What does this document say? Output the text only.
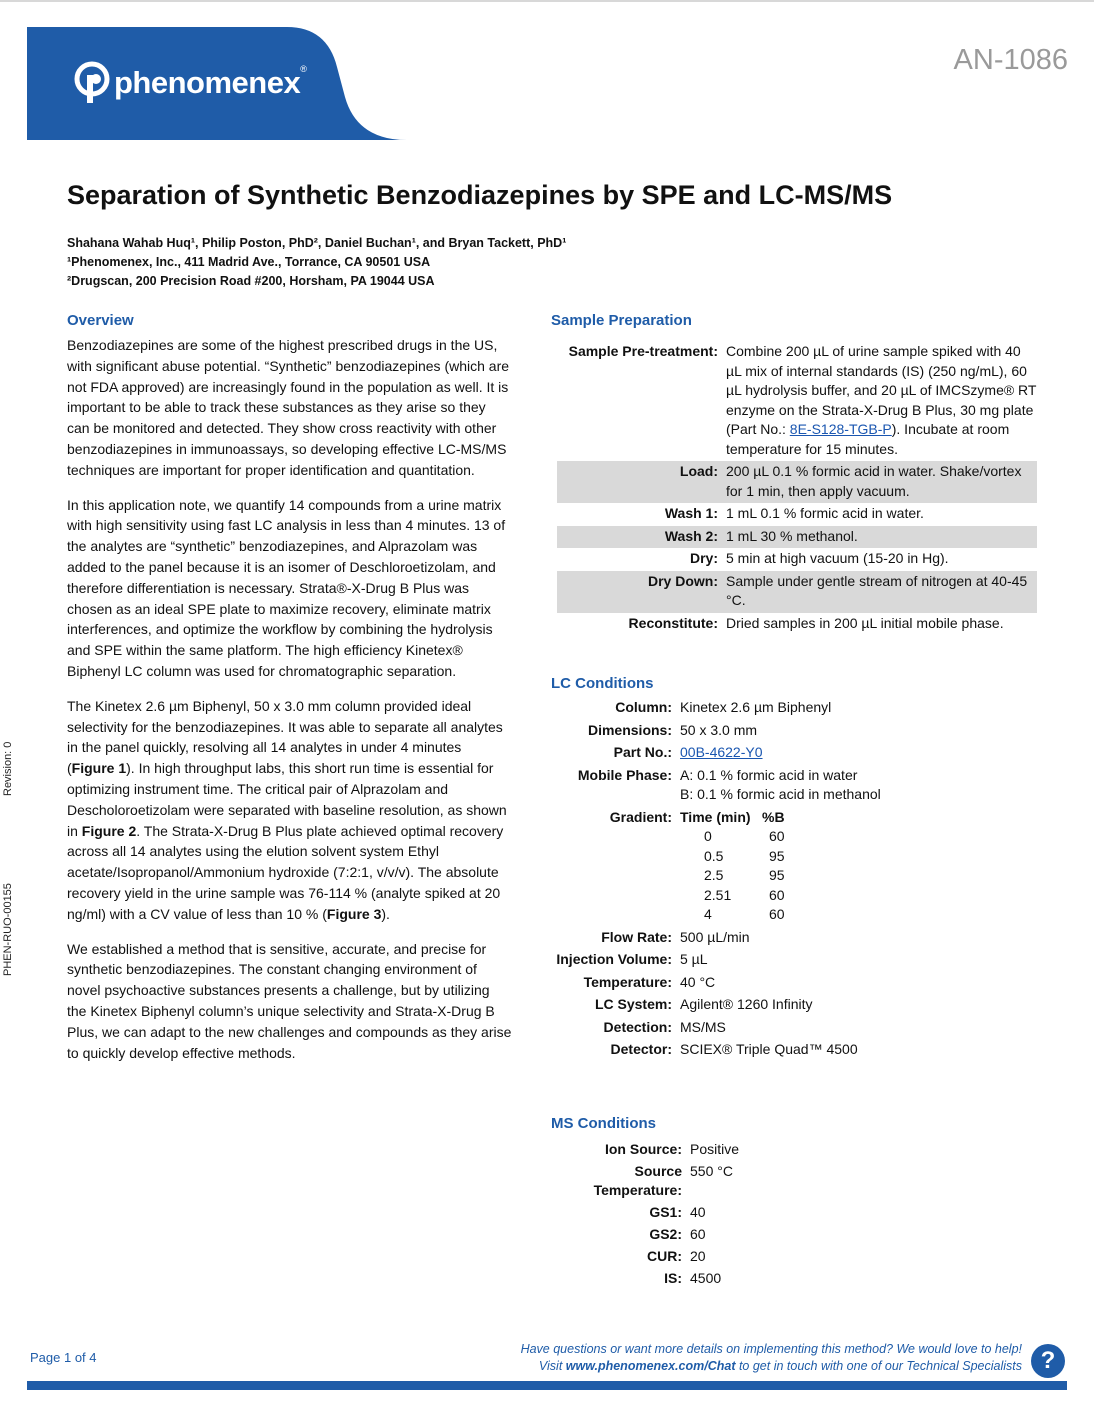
phenomenex ®	AN-1086
Separation of Synthetic Benzodiazepines by SPE and LC-MS/MS
Shahana Wahab Huq¹, Philip Poston, PhD², Daniel Buchan¹, and Bryan Tackett, PhD¹
¹Phenomenex, Inc., 411 Madrid Ave., Torrance, CA 90501 USA
²Drugscan, 200 Precision Road #200, Horsham, PA 19044 USA
Overview

Benzodiazepines are some of the highest prescribed drugs in the US, with significant abuse potential. “Synthetic” benzodiazepines (which are not FDA approved) are increasingly found in the population as well. It is important to be able to track these substances as they arise so they can be monitored and detected. They show cross reactivity with other benzodiazepines in immunoassays, so developing effective LC-MS/MS techniques are important for proper identification and quantitation.

In this application note, we quantify 14 compounds from a urine matrix with high sensitivity using fast LC analysis in less than 4 minutes. 13 of the analytes are “synthetic” benzodiazepines, and Alprazolam was added to the panel because it is an isomer of Deschloroetizolam, and therefore differentiation is necessary. Strata®-X-Drug B Plus was chosen as an ideal SPE plate to maximize recovery, eliminate matrix interferences, and optimize the workflow by combining the hydrolysis and SPE within the same platform. The high efficiency Kinetex® Biphenyl LC column was used for chromatographic separation.

The Kinetex 2.6 µm Biphenyl, 50 x 3.0 mm column provided ideal selectivity for the benzodiazepines. It was able to separate all analytes in the panel quickly, resolving all 14 analytes in under 4 minutes (Figure 1). In high throughput labs, this short run time is essential for optimizing instrument time. The critical pair of Alprazolam and Descholoroetizolam were separated with baseline resolution, as shown in Figure 2. The Strata-X-Drug B Plus plate achieved optimal recovery across all 14 analytes using the elution solvent system Ethyl acetate/Isopropanol/Ammonium hydroxide (7:2:1, v/v/v). The absolute recovery yield in the urine sample was 76-114 % (analyte spiked at 20 ng/ml) with a CV value of less than 10 % (Figure 3).

We established a method that is sensitive, accurate, and precise for synthetic benzodiazepines. The constant changing environment of novel psychoactive substances presents a challenge, but by utilizing the Kinetex Biphenyl column’s unique selectivity and Strata-X-Drug B Plus, we can adapt to the new challenges and compounds as they arise to quickly develop effective methods.

Sample Preparation
Sample Pre-treatment: Combine 200 µL of urine sample spiked with 40 µL mix of internal standards (IS) (250 ng/mL), 60 µL hydrolysis buffer, and 20 µL of IMCSzyme® RT enzyme on the Strata-X-Drug B Plus, 30 mg plate (Part No.: 8E-S128-TGB-P). Incubate at room temperature for 15 minutes.
Load: 200 µL 0.1 % formic acid in water. Shake/vortex for 1 min, then apply vacuum.
Wash 1: 1 mL 0.1 % formic acid in water.
Wash 2: 1 mL 30 % methanol.
Dry: 5 min at high vacuum (15-20 in Hg).
Dry Down: Sample under gentle stream of nitrogen at 40-45 °C.
Reconstitute: Dried samples in 200 µL initial mobile phase.
LC Conditions
Column: Kinetex 2.6 µm Biphenyl
Dimensions: 50 x 3.0 mm
Part No.: 00B-4622-Y0
Mobile Phase: A: 0.1 % formic acid in water
B: 0.1 % formic acid in methanol
Gradient: Time (min) %B
0	60
0.5	95
2.5	95
2.51	60
4	60
Flow Rate: 500 µL/min
Injection Volume: 5 µL
Temperature: 40 °C
LC System: Agilent® 1260 Infinity
Detection: MS/MS
Detector: SCIEX® Triple Quad™ 4500
MS Conditions
Ion Source: Positive
Source Temperature:
550 °C
GS1: 40
GS2: 60
CUR: 20
IS: 4500
Revision: 0
PHEN-RUO-00155
Page 1 of 4
Have questions or want more details on implementing this method? We would love to help!
Visit www.phenomenex.com/Chat to get in touch with one of our Technical Specialists ?
